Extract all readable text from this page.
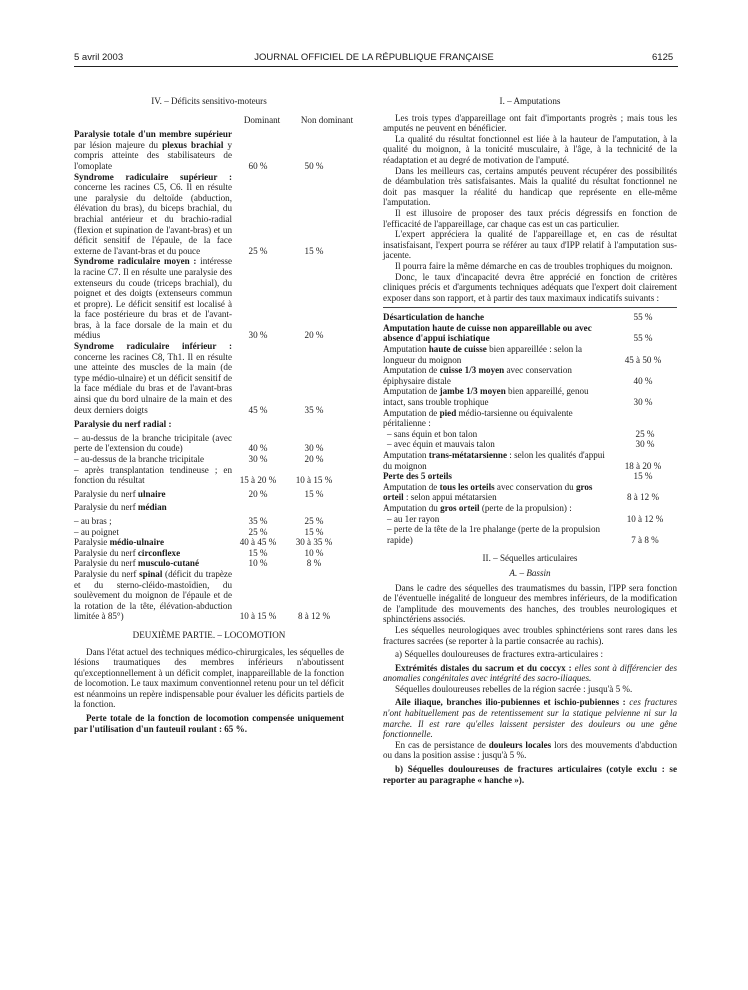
5 avril 2003	JOURNAL OFFICIEL DE LA RÉPUBLIQUE FRANÇAISE	6125
IV. – Déficits sensitivo-moteurs
Dominant	Non dominant
Paralysie totale d'un membre supérieur par lésion majeure du plexus brachial y compris atteinte des stabilisateurs de l'omoplate	60 %	50 %
Syndrome radiculaire supérieur : concerne les racines C5, C6. Il en résulte une paralysie du deltoïde (abduction, élévation du bras), du biceps brachial, du brachial antérieur et du brachio-radial (flexion et supination de l'avant-bras) et un déficit sensitif de l'épaule, de la face externe de l'avant-bras et du pouce	25 %	15 %
Syndrome radiculaire moyen : intéresse la racine C7. Il en résulte une paralysie des extenseurs du coude (triceps brachial), du poignet et des doigts (extenseurs commun et propre). Le déficit sensitif est localisé à la face postérieure du bras et de l'avant-bras, à la face dorsale de la main et du médius	30 %	20 %
Syndrome radiculaire inférieur : concerne les racines C8, Th1. Il en résulte une atteinte des muscles de la main (de type médio-ulnaire) et un déficit sensitif de la face médiale du bras et de l'avant-bras ainsi que du bord ulnaire de la main et des deux derniers doigts	45 %	35 %
Paralysie du nerf radial :
– au-dessus de la branche tricipitale (avec perte de l'extension du coude)	40 %	30 %
– au-dessus de la branche tricipitale	30 %	20 %
– après transplantation tendineuse ; en fonction du résultat	15 à 20 %	10 à 15 %
Paralysie du nerf ulnaire	20 %	15 %
Paralysie du nerf médian
– au bras ;	35 %	25 %
– au poignet	25 %	15 %
Paralysie médio-ulnaire	40 à 45 %	30 à 35 %
Paralysie du nerf circonflexe	15 %	10 %
Paralysie du nerf musculo-cutané	10 %	8 %
Paralysie du nerf spinal (déficit du trapèze et du sterno-cléido-mastoïdien, du soulèvement du moignon de l'épaule et de la rotation de la tête, élévation-abduction limitée à 85°)	10 à 15 %	8 à 12 %
DEUXIÈME PARTIE. – LOCOMOTION

Dans l'état actuel des techniques médico-chirurgicales, les séquelles de lésions traumatiques des membres inférieurs n'aboutissent qu'exceptionnellement à un déficit complet, inappareillable de la fonction de locomotion. Le taux maximum conventionnel retenu pour un tel déficit est néanmoins un repère indispensable pour évaluer les déficits partiels de la fonction.

Perte totale de la fonction de locomotion compensée uniquement par l'utilisation d'un fauteuil roulant : 65 %.

I. – Amputations

Les trois types d'appareillage ont fait d'importants progrès ; mais tous les amputés ne peuvent en bénéficier.

La qualité du résultat fonctionnel est liée à la hauteur de l'amputation, à la qualité du moignon, à la tonicité musculaire, à l'âge, à la technicité de la réadaptation et au degré de motivation de l'amputé.

Dans les meilleurs cas, certains amputés peuvent récupérer des possibilités de déambulation très satisfaisantes. Mais la qualité du résultat fonctionnel ne doit pas masquer la réalité du handicap que représente en elle-même l'amputation.

Il est illusoire de proposer des taux précis dégressifs en fonction de l'efficacité de l'appareillage, car chaque cas est un cas particulier.

L'expert appréciera la qualité de l'appareillage et, en cas de résultat insatisfaisant, l'expert pourra se référer au taux d'IPP relatif à l'amputation sus-jacente.

Il pourra faire la même démarche en cas de troubles trophiques du moignon.

Donc, le taux d'incapacité devra être apprécié en fonction de critères cliniques précis et d'arguments techniques adéquats que l'expert doit clairement exposer dans son rapport, et à partir des taux maximaux indicatifs suivants :

Désarticulation de hanche	55 %
Amputation haute de cuisse non appareillable ou avec absence d'appui ischiatique	55 %
Amputation haute de cuisse bien appareillée : selon la longueur du moignon	45 à 50 %
Amputation de cuisse 1/3 moyen avec conservation épiphysaire distale	40 %
Amputation de jambe 1/3 moyen bien appareillé, genou intact, sans trouble trophique	30 %
Amputation de pied médio-tarsienne ou équivalente péritalienne :
– sans équin et bon talon	25 %
– avec équin et mauvais talon	30 %
Amputation trans-métatarsienne : selon les qualités d'appui du moignon	18 à 20 %
Perte des 5 orteils	15 %
Amputation de tous les orteils avec conservation du gros orteil : selon appui métatarsien	8 à 12 %
Amputation du gros orteil (perte de la propulsion) :
– au 1er rayon	10 à 12 %
– perte de la tête de la 1re phalange (perte de la propulsion rapide)	7 à 8 %
II. – Séquelles articulaires
A. – Bassin

Dans le cadre des séquelles des traumatismes du bassin, l'IPP sera fonction de l'éventuelle inégalité de longueur des membres inférieurs, de la modification de l'amplitude des mouvements des hanches, des troubles neurologiques et sphinctériens associés.

Les séquelles neurologiques avec troubles sphinctériens sont rares dans les fractures sacrées (se reporter à la partie consacrée au rachis).

a) Séquelles douloureuses de fractures extra-articulaires :

Extrémités distales du sacrum et du coccyx : elles sont à différencier des anomalies congénitales avec intégrité des sacro-iliaques.

Séquelles douloureuses rebelles de la région sacrée : jusqu'à 5 %.

Aile iliaque, branches ilio-pubiennes et ischio-pubiennes : ces fractures n'ont habituellement pas de retentissement sur la statique pelvienne ni sur la marche. Il est rare qu'elles laissent persister des douleurs ou une gêne fonctionnelle.

En cas de persistance de douleurs locales lors des mouvements d'abduction ou dans la position assise : jusqu'à 5 %.

b) Séquelles douloureuses de fractures articulaires (cotyle exclu : se reporter au paragraphe « hanche »).
